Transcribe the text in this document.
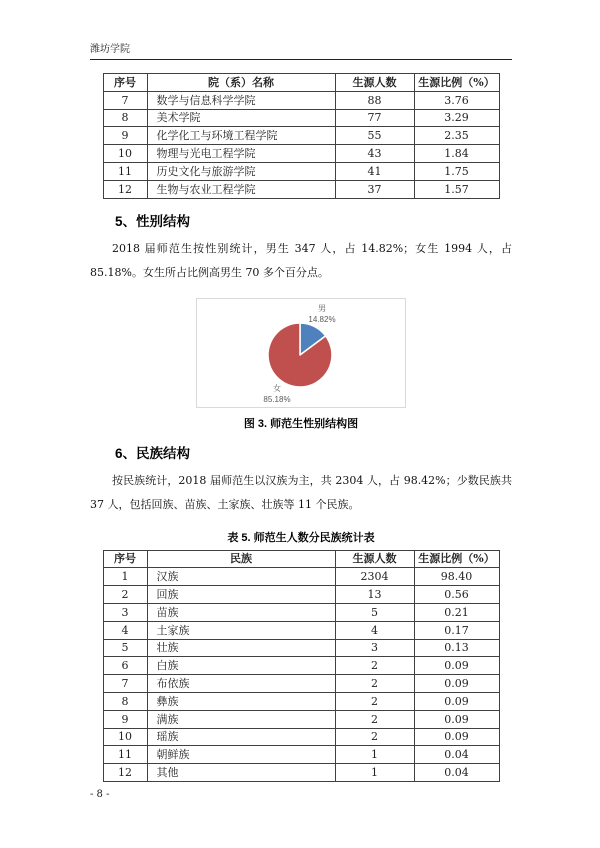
潍坊学院
序号	院（系）名称	生源人数	生源比例（%）
7	数学与信息科学学院	88	3.76
8	美术学院	77	3.29
9	化学化工与环境工程学院	55	2.35
10	物理与光电工程学院	43	1.84
11	历史文化与旅游学院	41	1.75
12	生物与农业工程学院	37	1.57
5、性别结构

2018 届师范生按性别统计，男生 347 人，占 14.82%；女生 1994 人，占 85.18%。女生所占比例高男生 70 多个百分点。

男
14.82%
女
85.18%
图 3. 师范生性别结构图
6、民族结构

按民族统计，2018 届师范生以汉族为主，共 2304 人，占 98.42%；少数民族共 37 人，包括回族、苗族、土家族、壮族等 11 个民族。

表 5. 师范生人数分民族统计表
序号	民族	生源人数	生源比例（%）
1	汉族	2304	98.40
2	回族	13	0.56
3	苗族	5	0.21
4	土家族	4	0.17
5	壮族	3	0.13
6	白族	2	0.09
7	布依族	2	0.09
8	彝族	2	0.09
9	满族	2	0.09
10	瑶族	2	0.09
11	朝鲜族	1	0.04
12	其他	1	0.04
- 8 -
